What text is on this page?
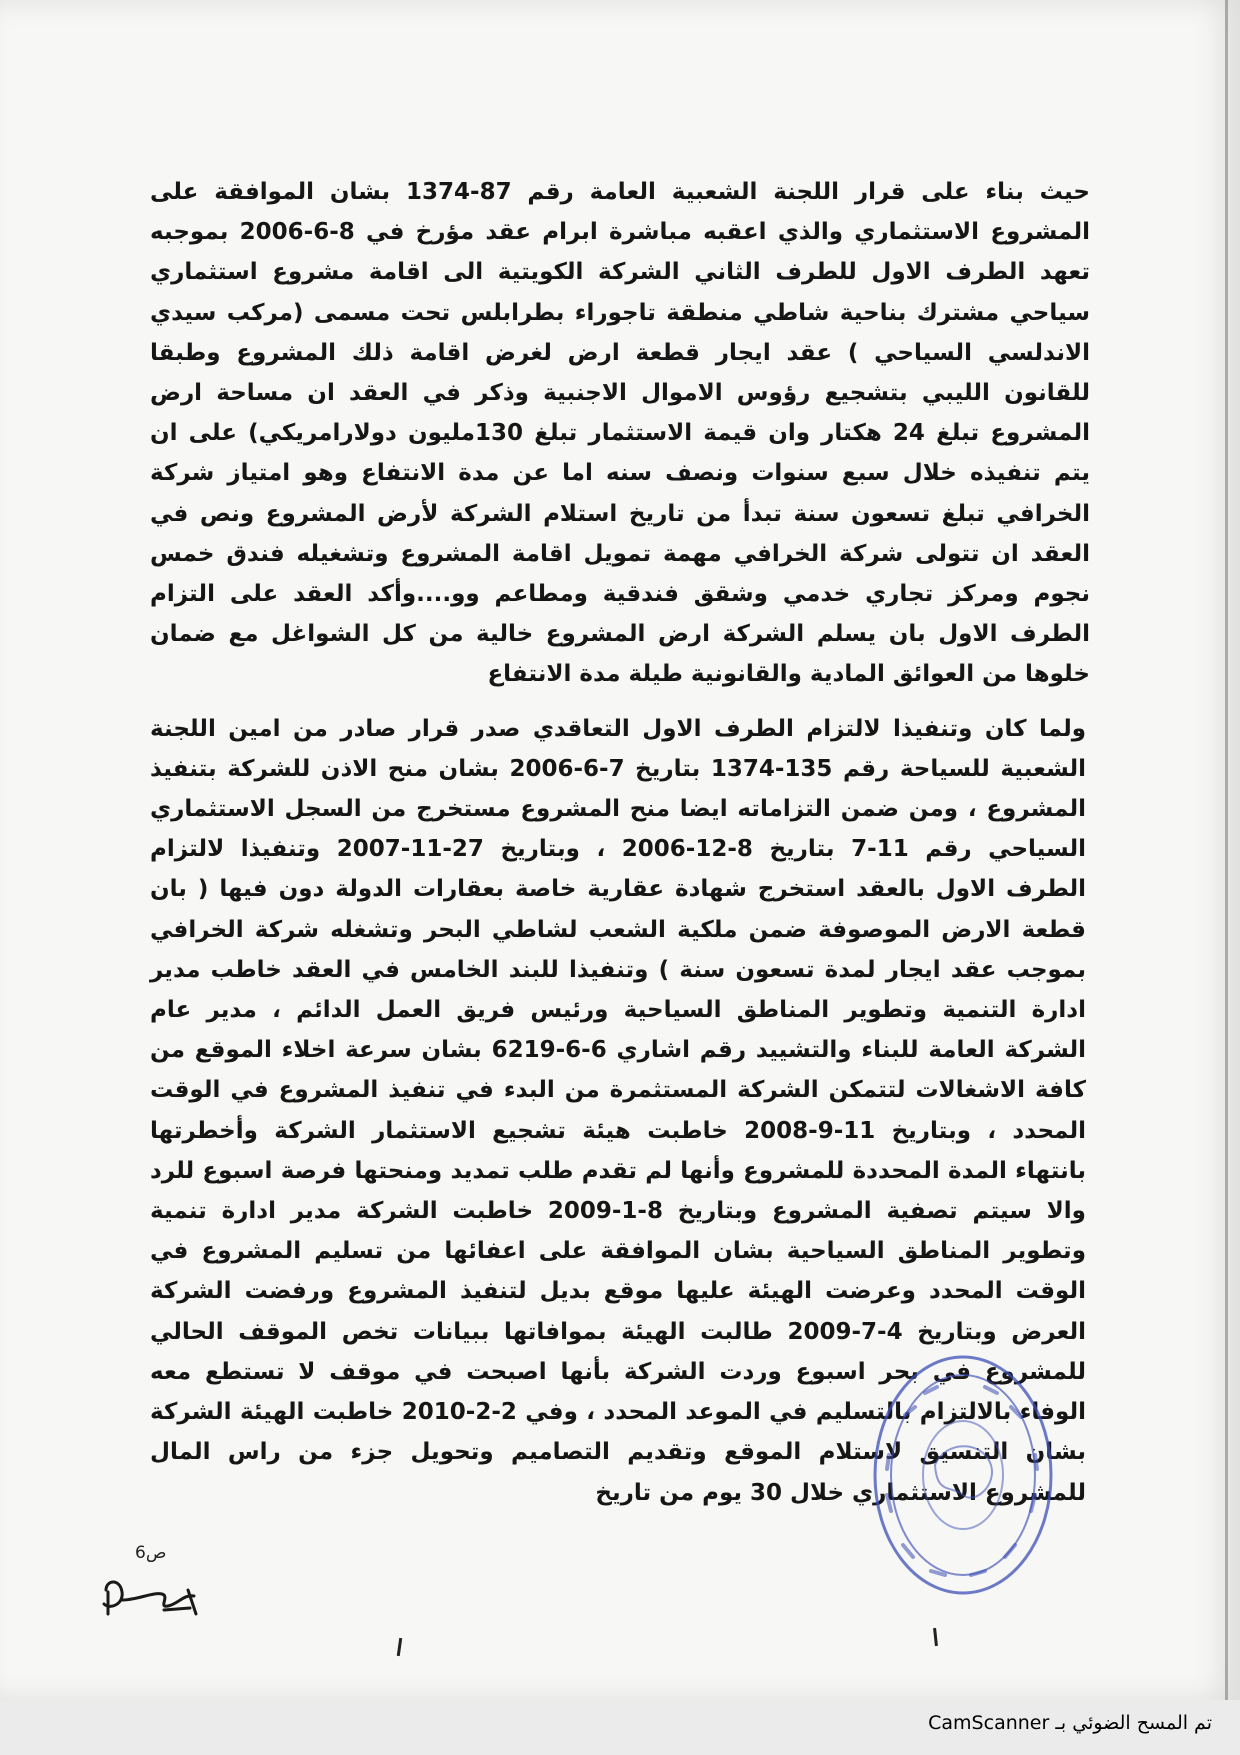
حيث بناء على قرار اللجنة الشعبية العامة رقم 87-1374 بشان الموافقة على المشروع الاستثماري والذي اعقبه مباشرة ابرام عقد مؤرخ في 8-6-2006 بموجبه تعهد الطرف الاول للطرف الثاني الشركة الكويتية الى اقامة مشروع استثماري سياحي مشترك بناحية شاطي منطقة تاجوراء بطرابلس تحت مسمى (مركب سيدي الاندلسي السياحي ) عقد ايجار قطعة ارض لغرض اقامة ذلك المشروع وطبقا للقانون الليبي بتشجيع رؤوس الاموال الاجنبية وذكر في العقد ان مساحة ارض المشروع تبلغ 24 هكتار وان قيمة الاستثمار تبلغ 130مليون دولارامريكي) على ان يتم تنفيذه خلال سبع سنوات ونصف سنه اما عن مدة الانتفاع وهو امتياز شركة الخرافي تبلغ تسعون سنة تبدأ من تاريخ استلام الشركة لأرض المشروع ونص في العقد ان تتولى شركة الخرافي مهمة تمويل اقامة المشروع وتشغيله فندق خمس نجوم ومركز تجاري خدمي وشقق فندقية ومطاعم وو....وأكد العقد على التزام الطرف الاول بان يسلم الشركة ارض المشروع خالية من كل الشواغل مع ضمان خلوها من العوائق المادية والقانونية طيلة مدة الانتفاع

ولما كان وتنفيذا لالتزام الطرف الاول التعاقدي صدر قرار صادر من امين اللجنة الشعبية للسياحة رقم 135-1374 بتاريخ 7-6-2006 بشان منح الاذن للشركة بتنفيذ المشروع ، ومن ضمن التزاماته ايضا منح المشروع مستخرج من السجل الاستثماري السياحي رقم 11-7 بتاريخ 8-12-2006 ، وبتاريخ 27-11-2007 وتنفيذا لالتزام الطرف الاول بالعقد استخرج شهادة عقارية خاصة بعقارات الدولة دون فيها ( بان قطعة الارض الموصوفة ضمن ملكية الشعب لشاطي البحر وتشغله شركة الخرافي بموجب عقد ايجار لمدة تسعون سنة ) وتنفيذا للبند الخامس في العقد خاطب مدير ادارة التنمية وتطوير المناطق السياحية ورئيس فريق العمل الدائم ، مدير عام الشركة العامة للبناء والتشييد رقم اشاري 6-6-6219 بشان سرعة اخلاء الموقع من كافة الاشغالات لتتمكن الشركة المستثمرة من البدء في تنفيذ المشروع في الوقت المحدد ، وبتاريخ 11-9-2008 خاطبت هيئة تشجيع الاستثمار الشركة وأخطرتها بانتهاء المدة المحددة للمشروع وأنها لم تقدم طلب تمديد ومنحتها فرصة اسبوع للرد والا سيتم تصفية المشروع وبتاريخ 8-1-2009 خاطبت الشركة مدير ادارة تنمية وتطوير المناطق السياحية بشان الموافقة على اعفائها من تسليم المشروع في الوقت المحدد وعرضت الهيئة عليها موقع بديل لتنفيذ المشروع ورفضت الشركة العرض وبتاريخ 4-7-2009 طالبت الهيئة بموافاتها ببيانات تخص الموقف الحالي للمشروع في بحر اسبوع وردت الشركة بأنها اصبحت في موقف لا تستطع معه الوفاء بالالتزام بالتسليم في الموعد المحدد ، وفي 2-2-2010 خاطبت الهيئة الشركة بشان التنسيق لاستلام الموقع وتقديم التصاميم وتحويل جزء من راس المال للمشروع الاستثماري خلال 30 يوم من تاريخ

ص6
تم المسح الضوئي بـ CamScanner
